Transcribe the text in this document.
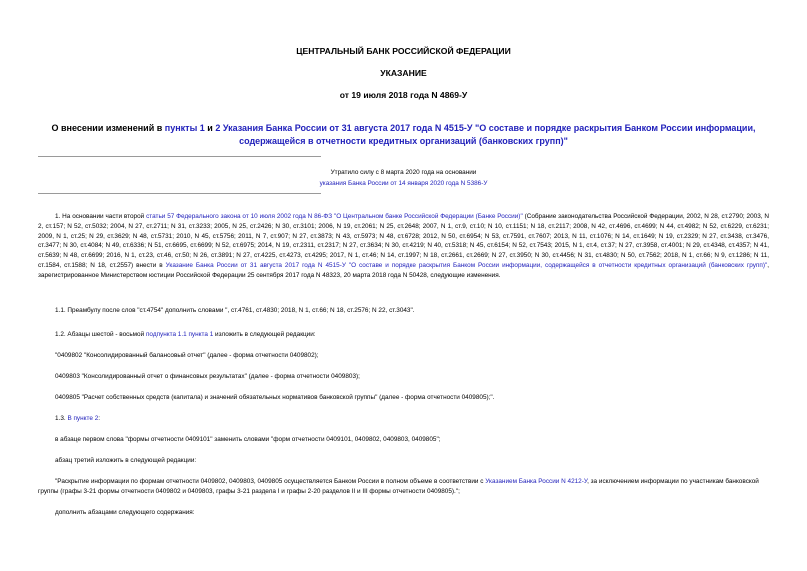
ЦЕНТРАЛЬНЫЙ БАНК РОССИЙСКОЙ ФЕДЕРАЦИИ
УКАЗАНИЕ
от 19 июля 2018 года N 4869-У
О внесении изменений в пункты 1 и 2 Указания Банка России от 31 августа 2017 года N 4515-У "О составе и порядке раскрытия Банком России информации, содержащейся в отчетности кредитных организаций (банковских групп)"
Утратило силу с 8 марта 2020 года на основании
указания Банка России от 14 января 2020 года N 5386-У
1. На основании части второй статьи 57 Федерального закона от 10 июля 2002 года N 86-ФЗ "О Центральном банке Российской Федерации (Банке России)" (Собрание законодательства Российской Федерации, 2002, N 28, ст.2790; 2003, N 2, ст.157; N 52, ст.5032; 2004, N 27, ст.2711; N 31, ст.3233; 2005, N 25, ст.2426; N 30, ст.3101; 2006, N 19, ст.2061; N 25, ст.2648; 2007, N 1, ст.9, ст.10; N 10, ст.1151; N 18, ст.2117; 2008, N 42, ст.4696, ст.4699; N 44, ст.4982; N 52, ст.6229, ст.6231; 2009, N 1, ст.25; N 29, ст.3629; N 48, ст.5731; 2010, N 45, ст.5756; 2011, N 7, ст.907; N 27, ст.3873; N 43, ст.5973; N 48, ст.6728; 2012, N 50, ст.6954; N 53, ст.7591, ст.7607; 2013, N 11, ст.1076; N 14, ст.1649; N 19, ст.2329; N 27, ст.3438, ст.3476, ст.3477; N 30, ст.4084; N 49, ст.6336; N 51, ст.6695, ст.6699; N 52, ст.6975; 2014, N 19, ст.2311, ст.2317; N 27, ст.3634; N 30, ст.4219; N 40, ст.5318; N 45, ст.6154; N 52, ст.7543; 2015, N 1, ст.4, ст.37; N 27, ст.3958, ст.4001; N 29, ст.4348, ст.4357; N 41, ст.5639; N 48, ст.6699; 2016, N 1, ст.23, ст.46, ст.50; N 26, ст.3891; N 27, ст.4225, ст.4273, ст.4295; 2017, N 1, ст.46; N 14, ст.1997; N 18, ст.2661, ст.2669; N 27, ст.3950; N 30, ст.4456; N 31, ст.4830; N 50, ст.7562; 2018, N 1, ст.66; N 9, ст.1286; N 11, ст.1584, ст.1588; N 18, ст.2557) внести в Указание Банка России от 31 августа 2017 года N 4515-У "О составе и порядке раскрытия Банком России информации, содержащейся в отчетности кредитных организаций (банковских групп)", зарегистрированное Министерством юстиции Российской Федерации 25 сентября 2017 года N 48323, 20 марта 2018 года N 50428, следующие изменения.
1.1. Преамбулу после слов "ст.4754" дополнить словами ", ст.4761, ст.4830; 2018, N 1, ст.66; N 18, ст.2576; N 22, ст.3043".
1.2. Абзацы шестой - восьмой подпункта 1.1 пункта 1 изложить в следующей редакции:
"0409802 "Консолидированный балансовый отчет" (далее - форма отчетности 0409802);
0409803 "Консолидированный отчет о финансовых результатах" (далее - форма отчетности 0409803);
0409805 "Расчет собственных средств (капитала) и значений обязательных нормативов банковской группы" (далее - форма отчетности 0409805);".
1.3. В пункте 2:
в абзаце первом слова "формы отчетности 0409101" заменить словами "форм отчетности 0409101, 0409802, 0409803, 0409805";
абзац третий изложить в следующей редакции:
"Раскрытие информации по формам отчетности 0409802, 0409803, 0409805 осуществляется Банком России в полном объеме в соответствии с Указанием Банка России N 4212-У, за исключением информации по участникам банковской группы (графы 3-21 формы отчетности 0409802 и 0409803, графы 3-21 раздела I и графы 2-20 разделов II и III формы отчетности 0409805).";
дополнить абзацами следующего содержания:
